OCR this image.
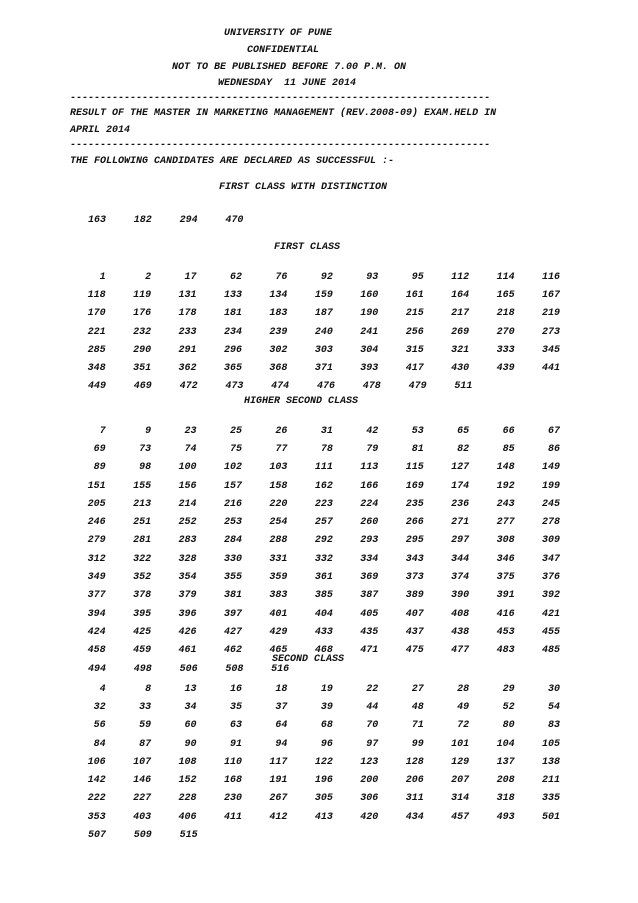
UNIVERSITY OF PUNE
CONFIDENTIAL
NOT TO BE PUBLISHED BEFORE 7.00 P.M. ON
WEDNESDAY  11 JUNE 2014
----------------------------------------------------------------------
RESULT OF THE MASTER IN MARKETING MANAGEMENT (REV.2008-09) EXAM.HELD IN
APRIL 2014
----------------------------------------------------------------------
THE FOLLOWING CANDIDATES ARE DECLARED AS SUCCESSFUL :-
FIRST CLASS WITH DISTINCTION
163	182	294	470
FIRST CLASS
1	2	17	62	76	92	93	95	112	114	116
118	119	131	133	134	159	160	161	164	165	167
170	176	178	181	183	187	190	215	217	218	219
221	232	233	234	239	240	241	256	269	270	273
285	290	291	296	302	303	304	315	321	333	345
348	351	362	365	368	371	393	417	430	439	441
449	469	472	473	474	476	478	479	511
HIGHER SECOND CLASS
7	9	23	25	26	31	42	53	65	66	67
69	73	74	75	77	78	79	81	82	85	86
89	98	100	102	103	111	113	115	127	148	149
151	155	156	157	158	162	166	169	174	192	199
205	213	214	216	220	223	224	235	236	243	245
246	251	252	253	254	257	260	266	271	277	278
279	281	283	284	288	292	293	295	297	308	309
312	322	328	330	331	332	334	343	344	346	347
349	352	354	355	359	361	369	373	374	375	376
377	378	379	381	383	385	387	389	390	391	392
394	395	396	397	401	404	405	407	408	416	421
424	425	426	427	429	433	435	437	438	453	455
458	459	461	462	465	468	471	475	477	483	485
494	498	506	508	516
SECOND CLASS
4	8	13	16	18	19	22	27	28	29	30
32	33	34	35	37	39	44	48	49	52	54
56	59	60	63	64	68	70	71	72	80	83
84	87	90	91	94	96	97	99	101	104	105
106	107	108	110	117	122	123	128	129	137	138
142	146	152	168	191	196	200	206	207	208	211
222	227	228	230	267	305	306	311	314	318	335
353	403	406	411	412	413	420	434	457	493	501
507	509	515
